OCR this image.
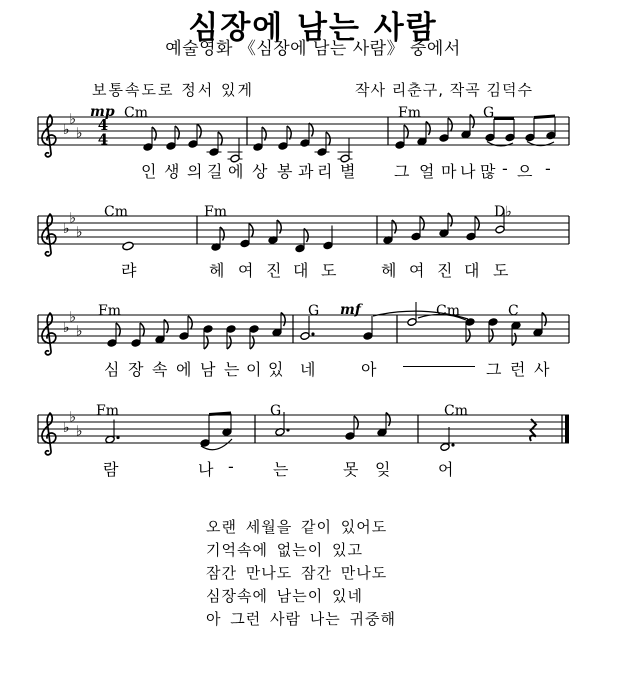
심장에 남는 사람
예술영화 《심장에 남는 사람》 중에서
보통속도로 정서 있게	작사 리춘구, 작곡 김덕수
mp Cm	Fm	G
♭
♭
♭ 4
4
인 생 의 길 에 상 봉 과 리 별 그 얼 마 나 많 - 으 -
Cm	Fm	D♭
♭
♭
♭
랴	헤 여 진 대 도	헤 여 진 대 도
mf
Fm	G	Cm	C
♭
♭
♭
심 장 속 에 남 는 이 있 네	아	그 런 사
Fm	G	Cm
♭
♭
♭
람	나 - 는	못 잊	어
오랜 세월을 같이 있어도
기억속에 없는이 있고
잠간 만나도 잠간 만나도
심장속에 남는이 있네
아 그런 사람 나는 귀중해
